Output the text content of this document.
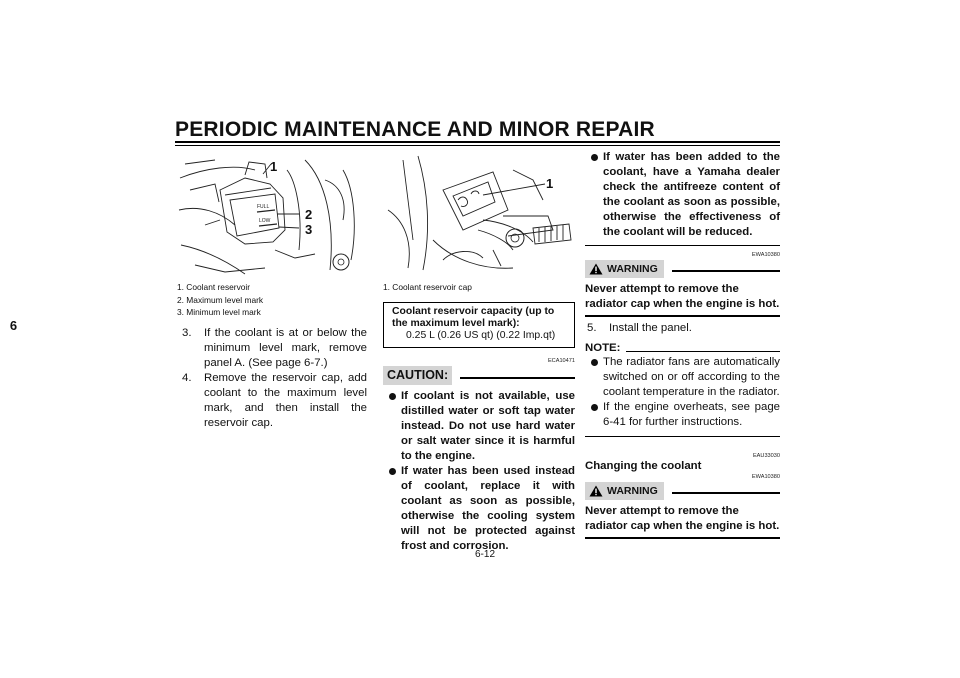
PERIODIC MAINTENANCE AND MINOR REPAIR
6
FULL
LOW
1
2
3
1. Coolant reservoir
2. Maximum level mark
3. Minimum level mark
3. If the coolant is at or below the minimum level mark, remove panel A. (See page 6-7.)
4. Remove the reservoir cap, add coolant to the maximum level mark, and then install the reservoir cap.
1
1. Coolant reservoir cap
Coolant reservoir capacity (up to the maximum level mark):
0.25 L (0.26 US qt) (0.22 Imp.qt)
ECA10471
CAUTION:
If coolant is not available, use distilled water or soft tap water instead. Do not use hard water or salt water since it is harmful to the engine.
If water has been used instead of coolant, replace it with coolant as soon as possible, otherwise the cooling system will not be protected against frost and corrosion.
If water has been added to the coolant, have a Yamaha dealer check the antifreeze content of the coolant as soon as possible, otherwise the effectiveness of the coolant will be reduced.
EWA10380
WARNING
Never attempt to remove the radiator cap when the engine is hot.
5. Install the panel.
NOTE:
The radiator fans are automatically switched on or off according to the coolant temperature in the radiator.
If the engine overheats, see page 6-41 for further instructions.
EAU33030
Changing the coolant
EWA10380
WARNING
Never attempt to remove the radiator cap when the engine is hot.
6-12
